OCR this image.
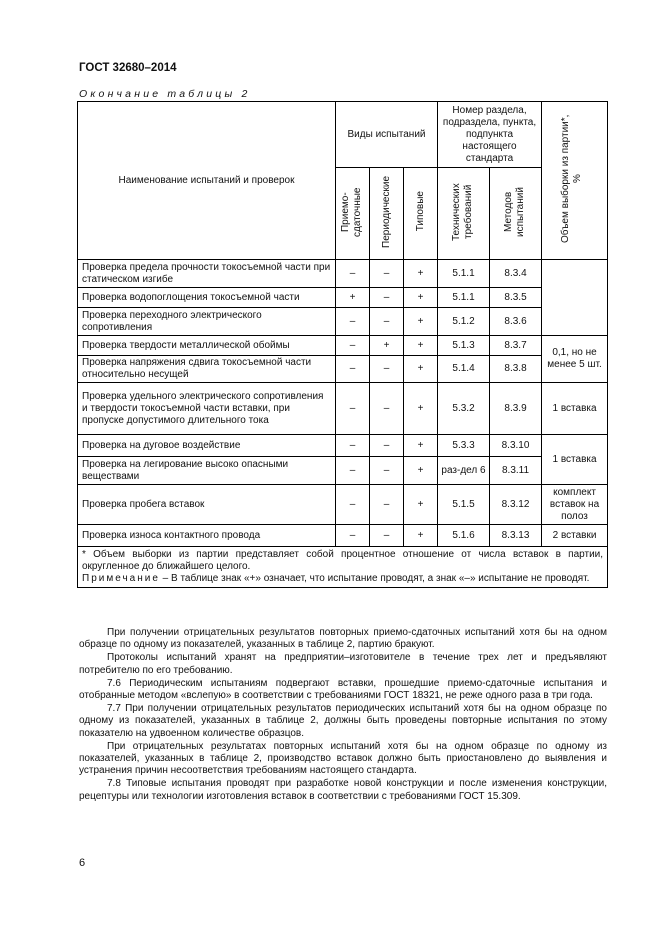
ГОСТ 32680–2014
Окончание таблицы 2
Наименование испытаний и проверок	Виды испытаний			Номер раздела, подраздела, пункта, подпункта настоящего стандарта		Объем выборки из партии*, %
	Приемо-сдаточные	Периодические	Типовые	Технических требований	Методов испытаний	
Проверка предела прочности токосъемной части при статическом изгибе	–	–	+	5.1.1	8.3.4	
Проверка водопоглощения токосъемной части	+	–	+	5.1.1	8.3.5	
Проверка переходного электрического сопротивления	–	–	+	5.1.2	8.3.6	
Проверка твердости металлической обоймы	–	+	+	5.1.3	8.3.7	0,1, но не менее 5 шт.
Проверка напряжения сдвига токосъемной части относительно несущей	–	–	+	5.1.4	8.3.8	
Проверка удельного электрического сопротивления и твердости токосъемной части вставки, при пропуске допустимого длительного тока	–	–	+	5.3.2	8.3.9	1 вставка
Проверка на дуговое воздействие	–	–	+	5.3.3	8.3.10	1 вставка
Проверка на легирование высоко опасными веществами	–	–	+	раз-дел 6	8.3.11	
Проверка пробега вставок	–	–	+	5.1.5	8.3.12	комплект вставок на полоз
Проверка износа контактного провода	–	–	+	5.1.6	8.3.13	2 вставки

* Объем выборки из партии представляет собой процентное отношение от числа вставок в партии, округленное до ближайшего целого.
Примечание – В таблице знак «+» означает, что испытание проводят, а знак «–» испытание не проводят.						

При получении отрицательных результатов повторных приемо-сдаточных испытаний хотя бы на одном образце по одному из показателей, указанных в таблице 2, партию бракуют.

Протоколы испытаний хранят на предприятии–изготовителе в течение трех лет и предъявляют потребителю по его требованию.

7.6 Периодическим испытаниям подвергают вставки, прошедшие приемо-сдаточные испытания и отобранные методом «вслепую» в соответствии с требованиями ГОСТ 18321, не реже одного раза в три года.

7.7 При получении отрицательных результатов периодических испытаний хотя бы на одном образце по одному из показателей, указанных в таблице 2, должны быть проведены повторные испытания по этому показателю на удвоенном количестве образцов.

При отрицательных результатах повторных испытаний хотя бы на одном образце по одному из показателей, указанных в таблице 2, производство вставок должно быть приостановлено до выявления и устранения причин несоответствия требованиям настоящего стандарта.

7.8 Типовые испытания проводят при разработке новой конструкции и после изменения конструкции, рецептуры или технологии изготовления вставок в соответствии с требованиями ГОСТ 15.309.

6
